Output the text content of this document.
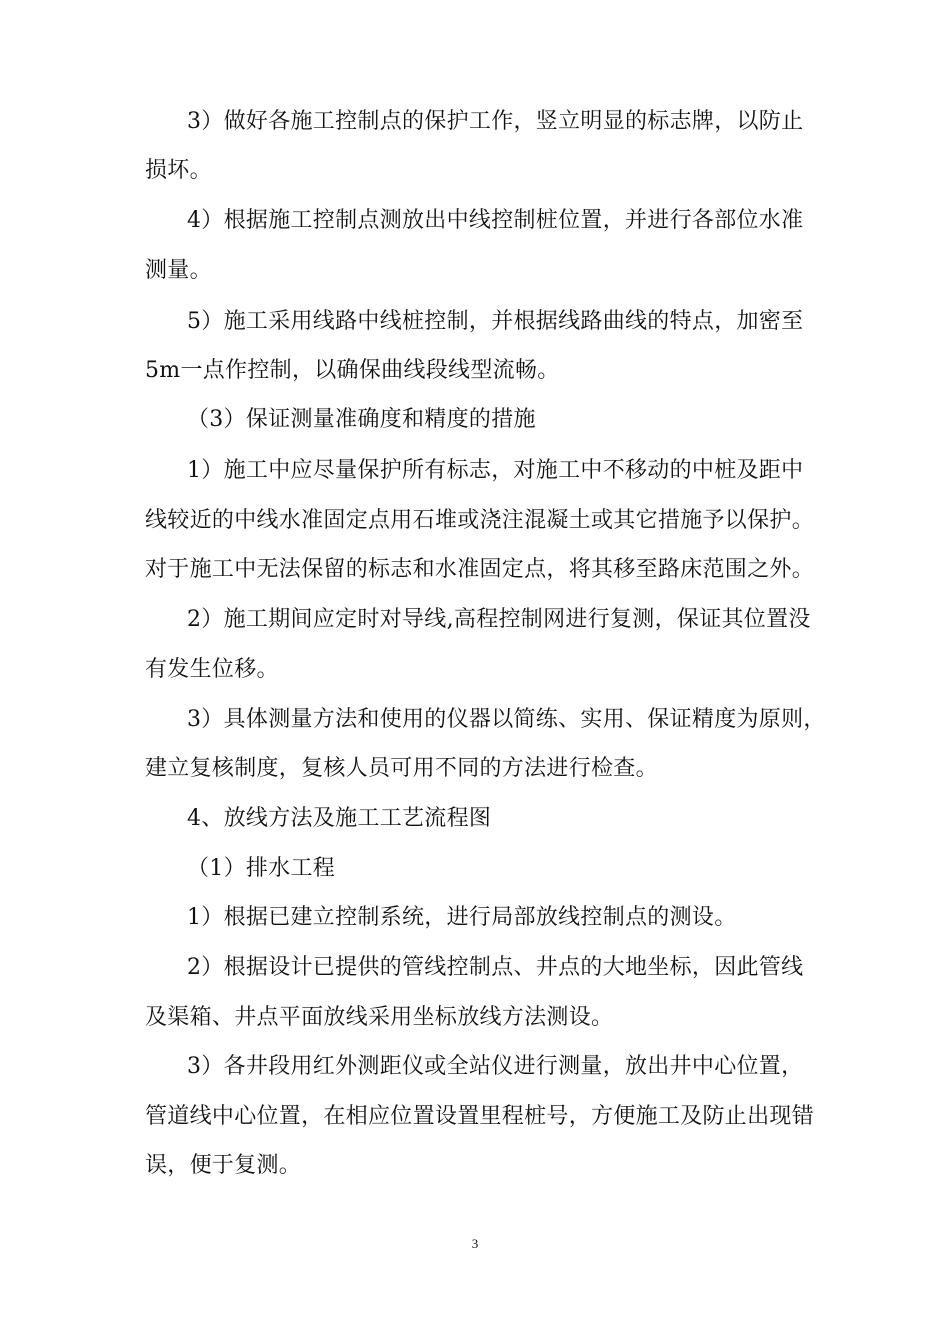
3）做好各施工控制点的保护工作，竖立明显的标志牌，以防止
损坏。
4）根据施工控制点测放出中线控制桩位置，并进行各部位水准
测量。
5）施工采用线路中线桩控制，并根据线路曲线的特点，加密至
5m一点作控制，以确保曲线段线型流畅。
（3）保证测量准确度和精度的措施
1）施工中应尽量保护所有标志，对施工中不移动的中桩及距中
线较近的中线水准固定点用石堆或浇注混凝土或其它措施予以保护。
对于施工中无法保留的标志和水准固定点，将其移至路床范围之外。
2）施工期间应定时对导线,高程控制网进行复测，保证其位置没
有发生位移。
3）具体测量方法和使用的仪器以简练、实用、保证精度为原则，
建立复核制度，复核人员可用不同的方法进行检查。
4、放线方法及施工工艺流程图
（1）排水工程
1）根据已建立控制系统，进行局部放线控制点的测设。
2）根据设计已提供的管线控制点、井点的大地坐标，因此管线
及渠箱、井点平面放线采用坐标放线方法测设。
3）各井段用红外测距仪或全站仪进行测量，放出井中心位置，
管道线中心位置，在相应位置设置里程桩号，方便施工及防止出现错
误，便于复测。
3
